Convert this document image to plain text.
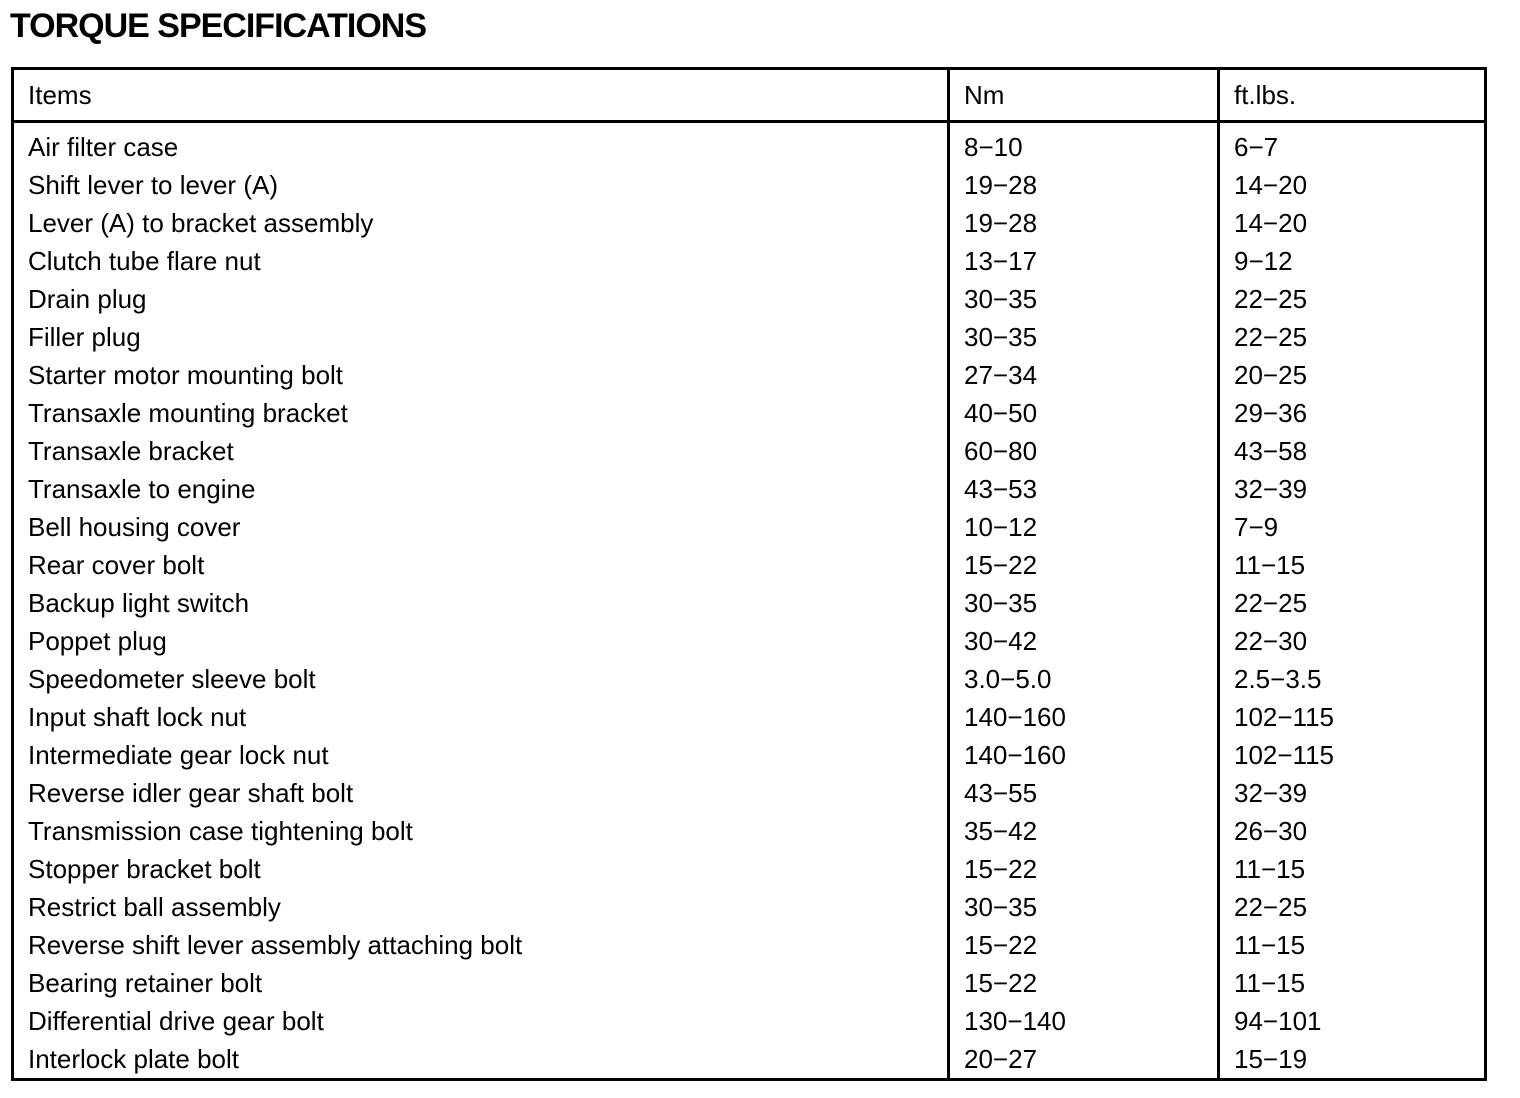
TORQUE SPECIFICATIONS
Items	Nm	ft.lbs.
Air filter case	8−10	6−7
Shift lever to lever (A)	19−28	14−20
Lever (A) to bracket assembly	19−28	14−20
Clutch tube flare nut	13−17	9−12
Drain plug	30−35	22−25
Filler plug	30−35	22−25
Starter motor mounting bolt	27−34	20−25
Transaxle mounting bracket	40−50	29−36
Transaxle bracket	60−80	43−58
Transaxle to engine	43−53	32−39
Bell housing cover	10−12	7−9
Rear cover bolt	15−22	11−15
Backup light switch	30−35	22−25
Poppet plug	30−42	22−30
Speedometer sleeve bolt	3.0−5.0	2.5−3.5
Input shaft lock nut	140−160	102−115
Intermediate gear lock nut	140−160	102−115
Reverse idler gear shaft bolt	43−55	32−39
Transmission case tightening bolt	35−42	26−30
Stopper bracket bolt	15−22	11−15
Restrict ball assembly	30−35	22−25
Reverse shift lever assembly attaching bolt	15−22	11−15
Bearing retainer bolt	15−22	11−15
Differential drive gear bolt	130−140	94−101
Interlock plate bolt	20−27	15−19
